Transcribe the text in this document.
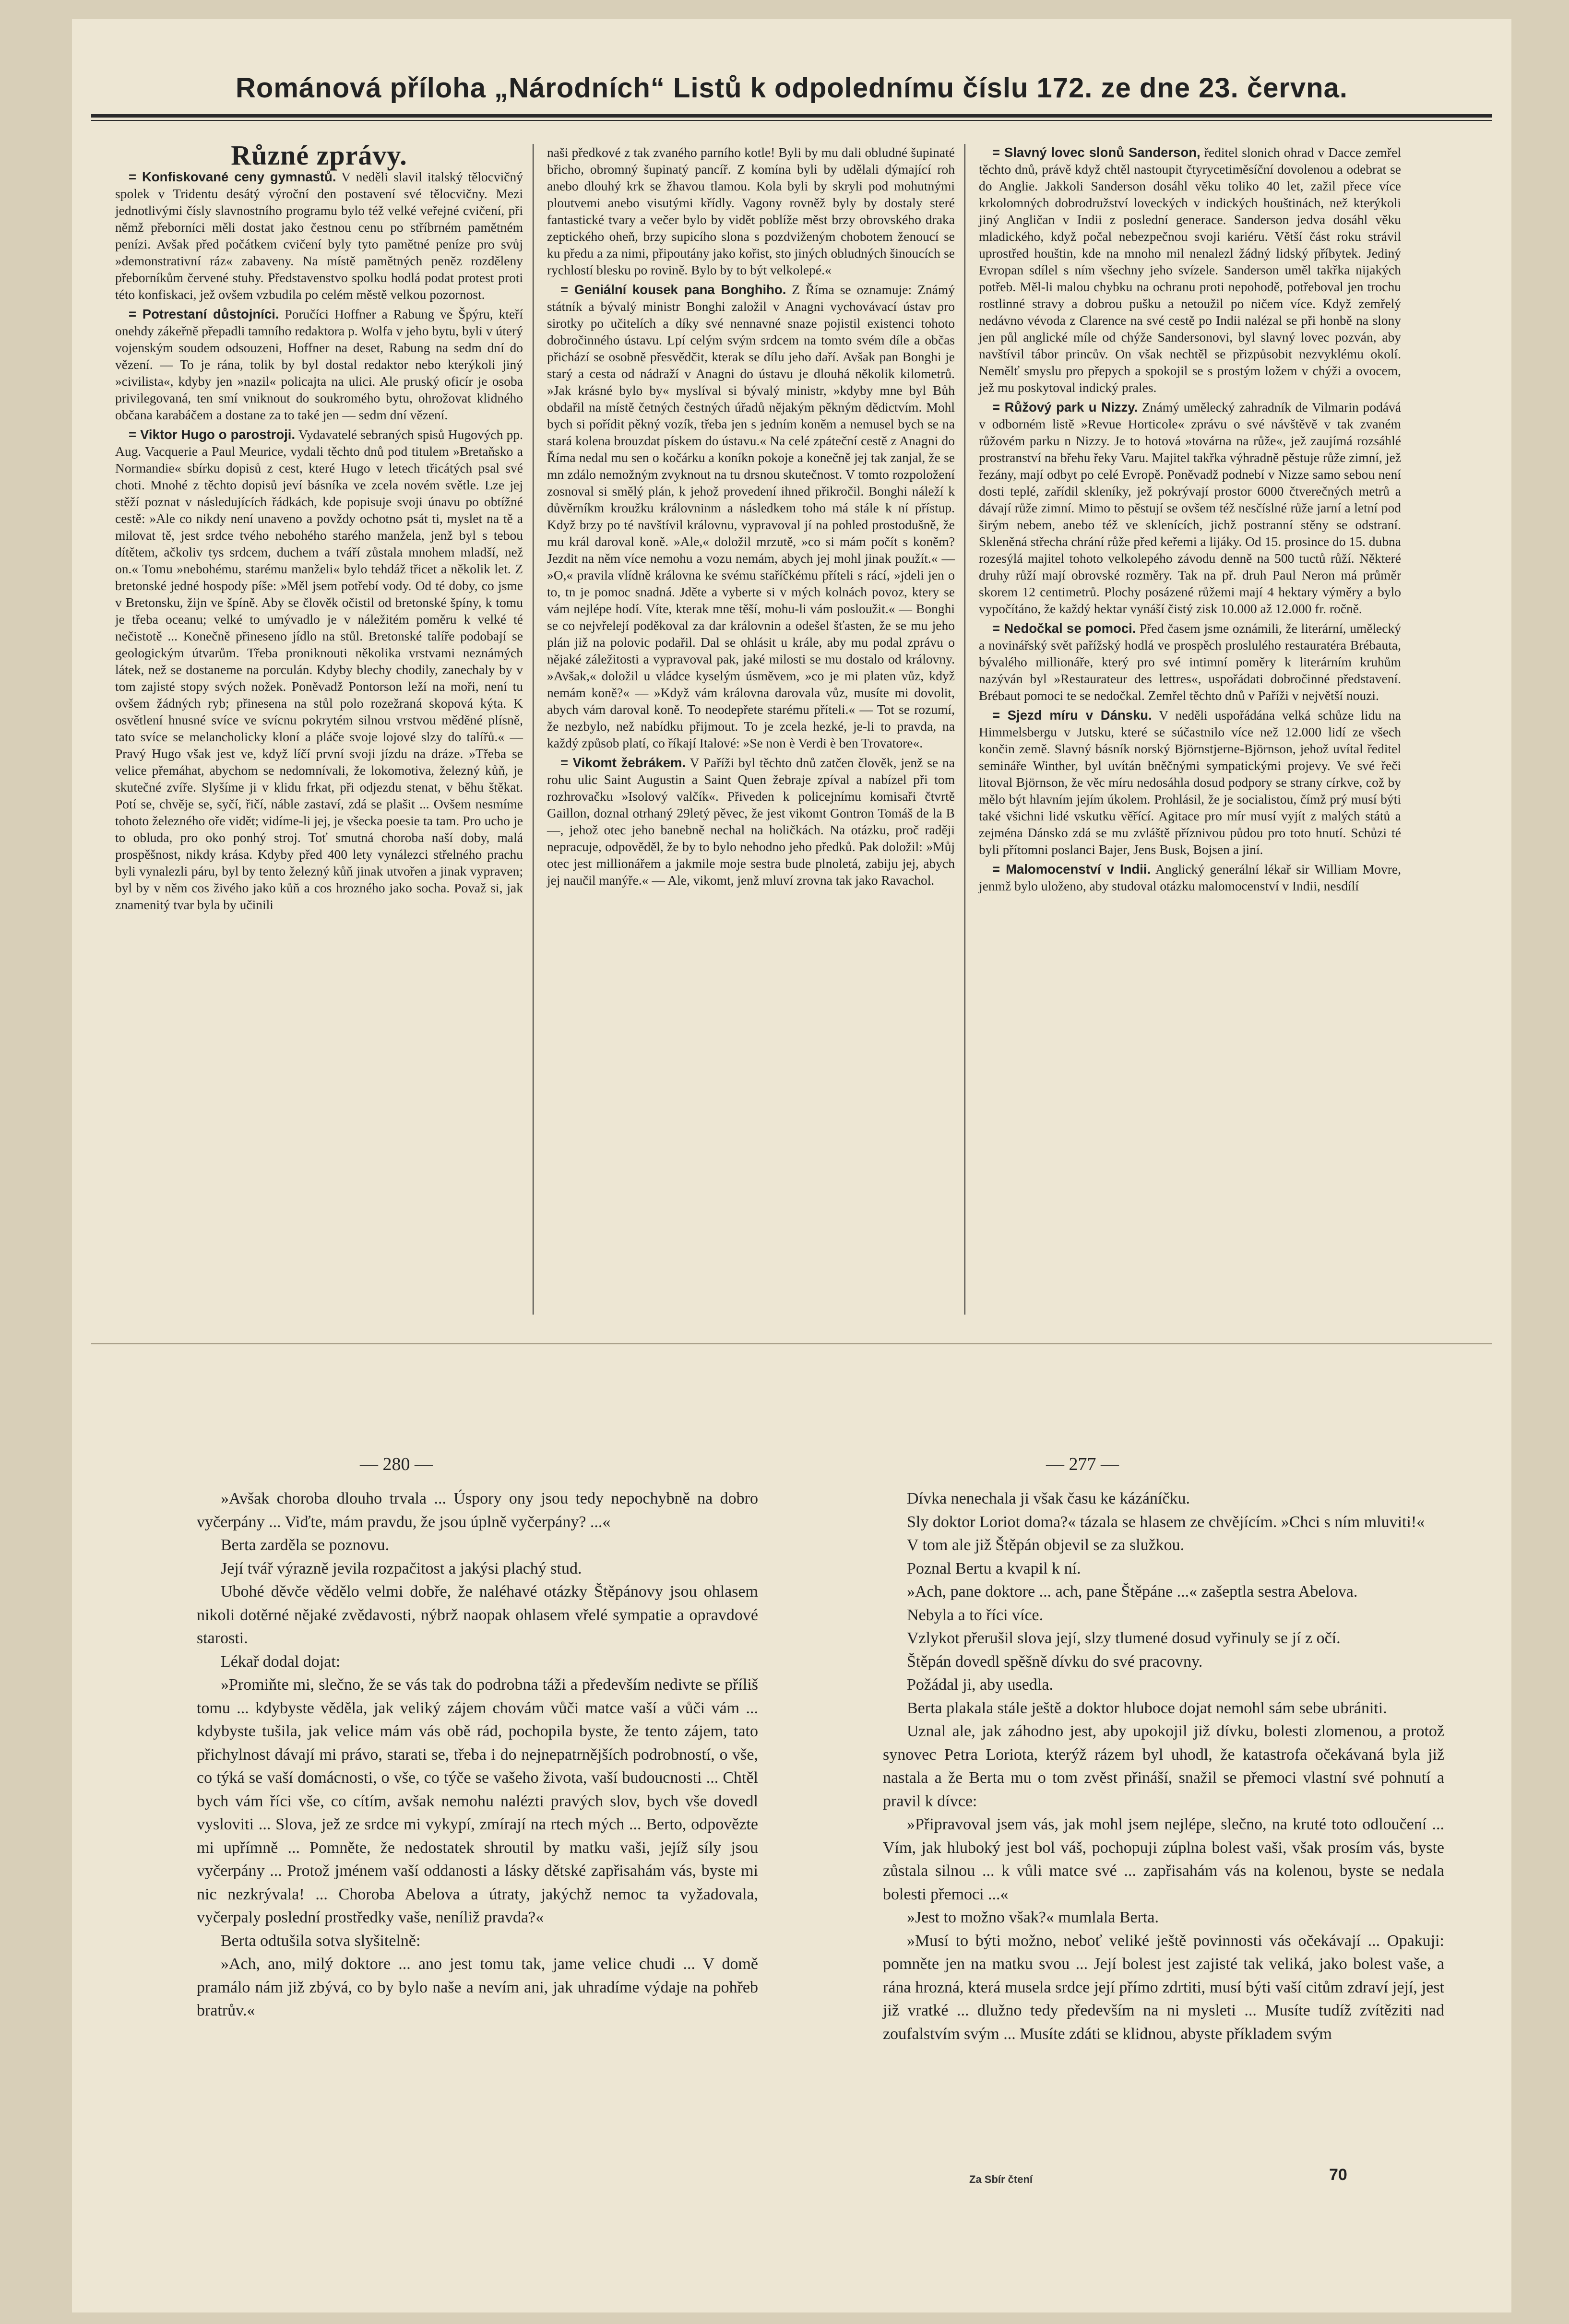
Románová příloha „Národních“ Listů k odpolednímu číslu 172. ze dne 23. června.
Různé zprávy.

= Konfiskované ceny gymnastů. V neděli slavil italský tělocvičný spolek v Tridentu desátý výroční den postavení své tělocvičny. Mezi jednotlivými čísly slavnostního programu bylo též velké veřejné cvičení, při němž přeborníci měli dostat jako čestnou cenu po stříbrném pamětném penízi. Avšak před počátkem cvičení byly tyto pamětné peníze pro svůj »demonstrativní ráz« zabaveny. Na místě pamětných peněz rozděleny přeborníkům červené stuhy. Představenstvo spolku hodlá podat protest proti této konfiskaci, jež ovšem vzbudila po celém městě velkou pozornost.

= Potrestaní důstojníci. Poručíci Hoffner a Rabung ve Špýru, kteří onehdy zákeřně přepadli tamního redaktora p. Wolfa v jeho bytu, byli v úterý vojenským soudem odsouzeni, Hoffner na deset, Rabung na sedm dní do vězení. — To je rána, tolik by byl dostal redaktor nebo kterýkoli jiný »civilista«, kdyby jen »nazil« policajta na ulici. Ale pruský oficír je osoba privilegovaná, ten smí vniknout do soukromého bytu, ohrožovat klidného občana karabáčem a dostane za to také jen — sedm dní vězení.

= Viktor Hugo o parostroji. Vydavatelé sebraných spisů Hugových pp. Aug. Vacquerie a Paul Meurice, vydali těchto dnů pod titulem »Bretaňsko a Normandie« sbírku dopisů z cest, které Hugo v letech třicátých psal své choti. Mnohé z těchto dopisů jeví básníka ve zcela novém světle. Lze jej stěží poznat v následujících řádkách, kde popisuje svoji únavu po obtížné cestě: »Ale co nikdy není unaveno a povždy ochotno psát ti, myslet na tě a milovat tě, jest srdce tvého nebohého starého manžela, jenž byl s tebou dítětem, ačkoliv tys srdcem, duchem a tváří zůstala mnohem mladší, než on.« Tomu »nebohému, starému manželi« bylo tehdáž třicet a několik let. Z bretonské jedné hospody píše: »Měl jsem potřebí vody. Od té doby, co jsme v Bretonsku, žijn ve špíně. Aby se člověk očistil od bretonské špíny, k tomu je třeba oceanu; velké to umývadlo je v náležitém poměru k velké té nečistotě ... Konečně přineseno jídlo na stůl. Bretonské talíře podobají se geologickým útvarům. Třeba proniknouti několika vrstvami neznámých látek, než se dostaneme na porculán. Kdyby blechy chodily, zanechaly by v tom zajisté stopy svých nožek. Poněvadž Pontorson leží na moři, není tu ovšem žádných ryb; přinesena na stůl polo rozežraná skopová kýta. K osvětlení hnusné svíce ve svícnu pokrytém silnou vrstvou měděné plísně, tato svíce se melancholicky kloní a pláče svoje lojové slzy do talířů.« — Pravý Hugo však jest ve, když líčí první svoji jízdu na dráze. »Třeba se velice přemáhat, abychom se nedomnívali, že lokomotiva, železný kůň, je skutečné zvíře. Slyšíme ji v klidu frkat, při odjezdu stenat, v běhu štěkat. Potí se, chvěje se, syčí, řičí, náble zastaví, zdá se plašit ... Ovšem nesmíme tohoto železného oře vidět; vidíme-li jej, je všecka poesie ta tam. Pro ucho je to obluda, pro oko ponhý stroj. Toť smutná choroba naší doby, malá prospěšnost, nikdy krása. Kdyby před 400 lety vynálezci střelného prachu byli vynalezli páru, byl by tento železný kůň jinak utvořen a jinak vypraven; byl by v něm cos živého jako kůň a cos hrozného jako socha. Považ si, jak znamenitý tvar byla by učinili

naši předkové z tak zvaného parního kotle! Byli by mu dali obludné šupinaté břicho, obromný šupinatý pancíř. Z komína byli by udělali dýmající roh anebo dlouhý krk se žhavou tlamou. Kola byli by skryli pod mohutnými ploutvemi anebo visutými křídly. Vagony rovněž byly by dostaly steré fantastické tvary a večer bylo by vidět poblíže měst brzy obrovského draka zeptického oheň, brzy supicího slona s pozdviženým chobotem ženoucí se ku předu a za nimi, připoutány jako kořist, sto jiných obludných šinoucích se rychlostí blesku po rovině. Bylo by to být velkolepé.«

= Geniální kousek pana Bonghiho. Z Říma se oznamuje: Známý státník a bývalý ministr Bonghi založil v Anagni vychovávací ústav pro sirotky po učitelích a díky své nennavné snaze pojistil existenci tohoto dobročinného ústavu. Lpí celým svým srdcem na tomto svém díle a občas přichází se osobně přesvědčit, kterak se dílu jeho daří. Avšak pan Bonghi je starý a cesta od nádraží v Anagni do ústavu je dlouhá několik kilometrů. »Jak krásné bylo by« myslíval si bývalý ministr, »kdyby mne byl Bůh obdařil na místě četných čestných úřadů nějakým pěkným dědictvím. Mohl bych si pořídit pěkný vozík, třeba jen s jedním koněm a nemusel bych se na stará kolena brouzdat pískem do ústavu.« Na celé zpáteční cestě z Anagni do Říma nedal mu sen o kočárku a koníkn pokoje a konečně jej tak zanjal, že se mn zdálo nemožným zvyknout na tu drsnou skutečnost. V tomto rozpoložení zosnoval si smělý plán, k jehož provedení ihned přikročil. Bonghi náleží k důvěrníkm kroužku královninm a následkem toho má stále k ní přístup. Když brzy po té navštívil královnu, vypravoval jí na pohled prostodušně, že mu král daroval koně. »Ale,« doložil mrzutě, »co si mám počít s koněm? Jezdit na něm více nemohu a vozu nemám, abych jej mohl jinak použít.« — »O,« pravila vlídně královna ke svému staříčkému příteli s rácí, »jdeli jen o to, tn je pomoc snadná. Jděte a vyberte si v mých kolnách povoz, ktery se vám nejlépe hodí. Víte, kterak mne těší, mohu-li vám posloužit.« — Bonghi se co nejvřelejí poděkoval za dar královnin a odešel šťasten, že se mu jeho plán již na polovic podařil. Dal se ohlásit u krále, aby mu podal zprávu o nějaké záležitosti a vypravoval pak, jaké milosti se mu dostalo od královny. »Avšak,« doložil u vládce kyselým úsměvem, »co je mi platen vůz, když nemám koně?« — »Když vám královna darovala vůz, musíte mi dovolit, abych vám daroval koně. To neodepřete starému příteli.« — Tot se rozumí, že nezbylo, než nabídku přijmout. To je zcela hezké, je-li to pravda, na každý způsob platí, co říkají Italové: »Se non è Verdi è ben Trovatore«.

= Vikomt žebrákem. V Paříži byl těchto dnů zatčen člověk, jenž se na rohu ulic Saint Augustin a Saint Quen žebraje zpíval a nabízel při tom rozhrovačku »Isolový valčík«. Přiveden k policejnímu komisaři čtvrtě Gaillon, doznal otrhaný 29letý pěvec, že jest vikomt Gontron Tomáš de la B—, jehož otec jeho banebně nechal na holičkách. Na otázku, proč raději nepracuje, odpověděl, že by to bylo nehodno jeho předků. Pak doložil: »Můj otec jest millionářem a jakmile moje sestra bude plnoletá, zabiju jej, abych jej naučil manýře.« — Ale, vikomt, jenž mluví zrovna tak jako Ravachol.

= Slavný lovec slonů Sanderson, ředitel slonich ohrad v Dacce zemřel těchto dnů, právě když chtěl nastoupit čtyrycetiměsíční dovolenou a odebrat se do Anglie. Jakkoli Sanderson dosáhl věku toliko 40 let, zažil přece více krkolomných dobrodružství loveckých v indických houštinách, než kterýkoli jiný Angličan v Indii z poslední generace. Sanderson jedva dosáhl věku mladického, když počal nebezpečnou svoji kariéru. Větší část roku strávil uprostřed houštin, kde na mnoho mil nenalezl žádný lidský příbytek. Jediný Evropan sdílel s ním všechny jeho svízele. Sanderson uměl takřka nijakých potřeb. Měl-li malou chybku na ochranu proti nepohodě, potřeboval jen trochu rostlinné stravy a dobrou pušku a netoužil po ničem více. Když zemřelý nedávno vévoda z Clarence na své cestě po Indii nalézal se při honbě na slony jen půl anglické míle od chýže Sandersonovi, byl slavný lovec pozván, aby navštívil tábor princův. On však nechtěl se přizpůsobit nezvyklému okolí. Nemělť smyslu pro přepych a spokojil se s prostým ložem v chýži a ovocem, jež mu poskytoval indický prales.

= Růžový park u Nizzy. Známý umělecký zahradník de Vilmarin podává v odborném listě »Revue Horticole« zprávu o své návštěvě v tak zvaném růžovém parku n Nizzy. Je to hotová »továrna na růže«, jež zaujímá rozsáhlé prostranství na břehu řeky Varu. Majitel takřka výhradně pěstuje růže zimní, jež řezány, mají odbyt po celé Evropě. Poněvadž podnebí v Nizze samo sebou není dosti teplé, zařídil skleníky, jež pokrývají prostor 6000 čtverečných metrů a dávají růže zimní. Mimo to pěstují se ovšem též nesčíslné růže jarní a letní pod širým nebem, anebo též ve sklenících, jichž postranní stěny se odstraní. Skleněná střecha chrání růže před keřemi a lijáky. Od 15. prosince do 15. dubna rozesýlá majitel tohoto velkolepého závodu denně na 500 tuctů růží. Některé druhy růží mají obrovské rozměry. Tak na př. druh Paul Neron má průměr skorem 12 centimetrů. Plochy posázené růžemi mají 4 hektary výměry a bylo vypočítáno, že každý hektar vynáší čistý zisk 10.000 až 12.000 fr. ročně.

= Nedočkal se pomoci. Před časem jsme oznámili, že literární, umělecký a novinářský svět pařížský hodlá ve prospěch proslulého restauratéra Brébauta, bývalého millionáře, který pro své intimní poměry k literárním kruhům nazýván byl »Restaurateur des lettres«, uspořádati dobročinné představení. Brébaut pomoci te se nedočkal. Zemřel těchto dnů v Paříži v největší nouzi.

= Sjezd míru v Dánsku. V neděli uspořádána velká schůze lidu na Himmelsbergu v Jutsku, které se súčastnilo více než 12.000 lidí ze všech končin země. Slavný básník norský Björnstjerne-Björnson, jehož uvítal ředitel semináře Winther, byl uvítán bněčnými sympatickými projevy. Ve své řeči litoval Björnson, že věc míru nedosáhla dosud podpory se strany církve, což by mělo být hlavním jejím úkolem. Prohlásil, že je socialistou, čímž prý musí býti také všichni lidé vskutku věřící. Agitace pro mír musí vyjít z malých států a zejména Dánsko zdá se mu zvláště příznivou půdou pro toto hnutí. Schůzi té byli přítomni poslanci Bajer, Jens Busk, Bojsen a jiní.

= Malomocenství v Indii. Anglický generální lékař sir William Movre, jenmž bylo uloženo, aby studoval otázku malomocenství v Indii, nesdílí

— 280 —	— 277 —

»Avšak choroba dlouho trvala ... Úspory ony jsou tedy nepochybně na dobro vyčerpány ... Viďte, mám pravdu, že jsou úplně vyčerpány? ...«

Berta zarděla se poznovu.

Její tvář výrazně jevila rozpačitost a jakýsi plachý stud.

Ubohé děvče vědělo velmi dobře, že naléhavé otázky Štěpánovy jsou ohlasem nikoli dotěrné nějaké zvědavosti, nýbrž naopak ohlasem vřelé sympatie a opravdové starosti.

Lékař dodal dojat:

»Promiňte mi, slečno, že se vás tak do podrobna táži a především nedivte se příliš tomu ... kdybyste věděla, jak veliký zájem chovám vůči matce vaší a vůči vám ... kdybyste tušila, jak velice mám vás obě rád, pochopila byste, že tento zájem, tato přichylnost dávají mi právo, starati se, třeba i do nejnepatrnějších podrobností, o vše, co týká se vaší domácnosti, o vše, co týče se vašeho života, vaší budoucnosti ... Chtěl bych vám říci vše, co cítím, avšak nemohu nalézti pravých slov, bych vše dovedl vysloviti ... Slova, jež ze srdce mi vykypí, zmírají na rtech mých ... Berto, odpovězte mi upřímně ... Pomněte, že nedostatek shroutil by matku vaši, jejíž síly jsou vyčerpány ... Protož jménem vaší oddanosti a lásky dětské zapřisahám vás, byste mi nic nezkrývala! ... Choroba Abelova a útraty, jakýchž nemoc ta vyžadovala, vyčerpaly poslední prostředky vaše, neníliž pravda?«

Berta odtušila sotva slyšitelně:

»Ach, ano, milý doktore ... ano jest tomu tak, jame velice chudi ... V domě pramálo nám již zbývá, co by bylo naše a nevím ani, jak uhradíme výdaje na pohřeb bratrův.«

Dívka nenechala ji však času ke kázáníčku.

Sly doktor Loriot doma?« tázala se hlasem ze chvějícím. »Chci s ním mluviti!«

V tom ale již Štěpán objevil se za služkou.

Poznal Bertu a kvapil k ní.

»Ach, pane doktore ... ach, pane Štěpáne ...« zašeptla sestra Abelova.

Nebyla a to říci více.

Vzlykot přerušil slova její, slzy tlumené dosud vyřinuly se jí z očí.

Štěpán dovedl spěšně dívku do své pracovny.

Požádal ji, aby usedla.

Berta plakala stále ještě a doktor hluboce dojat nemohl sám sebe ubrániti.

Uznal ale, jak záhodno jest, aby upokojil již dívku, bolesti zlomenou, a protož synovec Petra Loriota, kterýž rázem byl uhodl, že katastrofa očekávaná byla již nastala a že Berta mu o tom zvěst přináší, snažil se přemoci vlastní své pohnutí a pravil k dívce:

»Připravoval jsem vás, jak mohl jsem nejlépe, slečno, na kruté toto odloučení ... Vím, jak hluboký jest bol váš, pochopuji zúplna bolest vaši, však prosím vás, byste zůstala silnou ... k vůli matce své ... zapřisahám vás na kolenou, byste se nedala bolesti přemoci ...«

»Jest to možno však?« mumlala Berta.

»Musí to býti možno, neboť veliké ještě povinnosti vás očekávají ... Opakuji: pomněte jen na matku svou ... Její bolest jest zajisté tak veliká, jako bolest vaše, a rána hrozná, která musela srdce její přímo zdrtiti, musí býti vaší citům zdraví její, jest již vratké ... dlužno tedy především na ni mysleti ... Musíte tudíž zvítěziti nad zoufalstvím svým ... Musíte zdáti se klidnou, abyste příkladem svým

Za Sbír čtení	70
